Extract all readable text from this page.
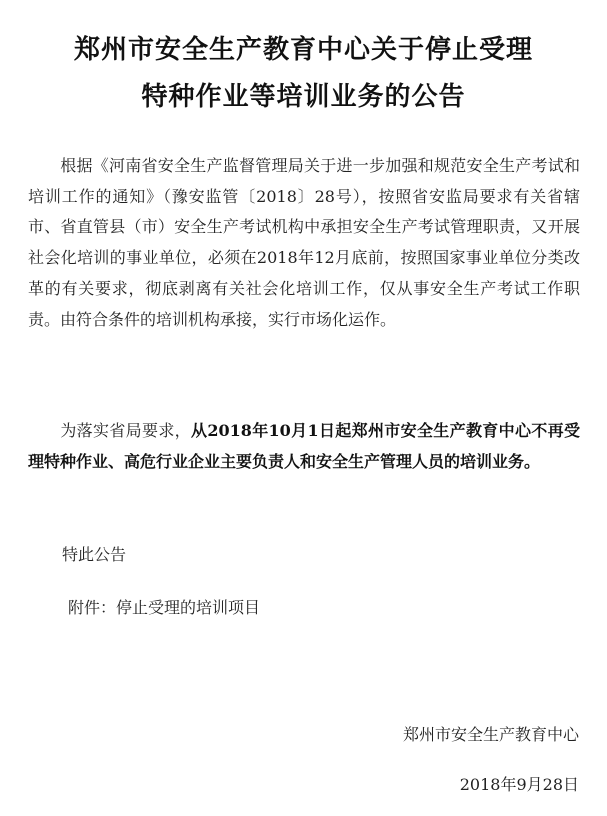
郑州市安全生产教育中心关于停止受理
特种作业等培训业务的公告
根据《河南省安全生产监督管理局关于进一步加强和规范安全生产考试和培训工作的通知》（豫安监管〔2018〕28号），按照省安监局要求有关省辖市、省直管县（市）安全生产考试机构中承担安全生产考试管理职责，又开展社会化培训的事业单位，必须在2018年12月底前，按照国家事业单位分类改革的有关要求，彻底剥离有关社会化培训工作，仅从事安全生产考试工作职责。由符合条件的培训机构承接，实行市场化运作。
为落实省局要求，从2018年10月1日起郑州市安全生产教育中心不再受理特种作业、高危行业企业主要负责人和安全生产管理人员的培训业务。
特此公告
附件：停止受理的培训项目
郑州市安全生产教育中心
2018年9月28日
